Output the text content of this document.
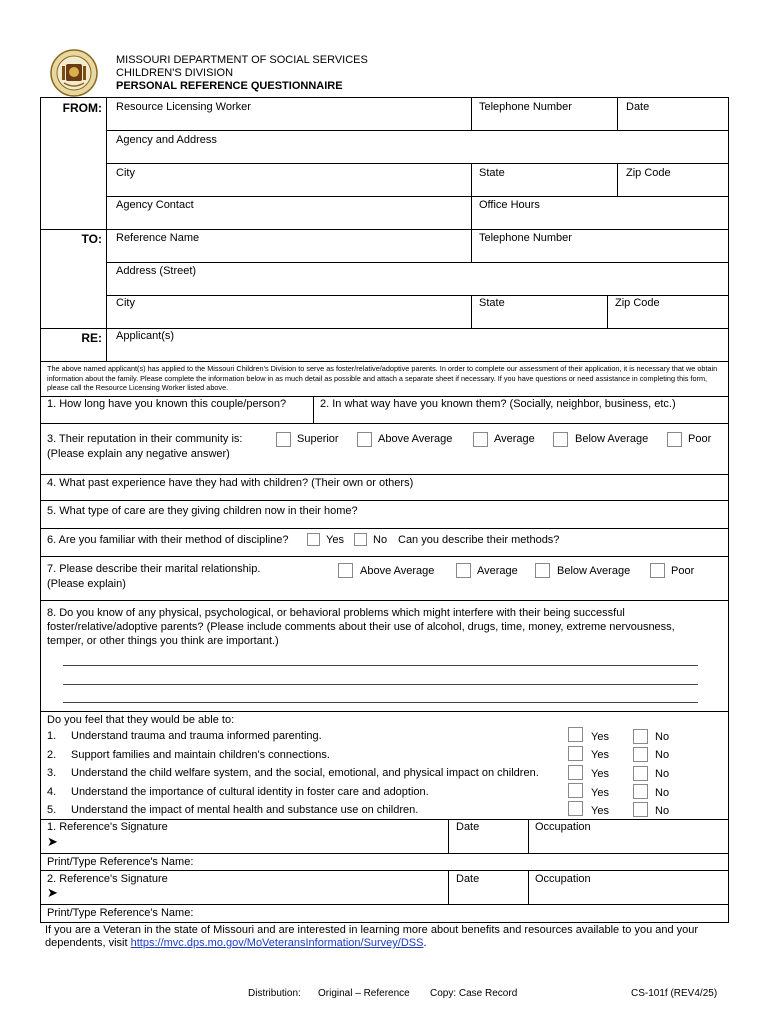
MISSOURI DEPARTMENT OF SOCIAL SERVICES
CHILDREN'S DIVISION
PERSONAL REFERENCE QUESTIONNAIRE
FROM: Resource Licensing Worker	Telephone Number	Date
Agency and Address
City	State	Zip Code
Agency Contact	Office Hours
TO: Reference Name	Telephone Number
Address (Street)
City	State	Zip Code
RE: Applicant(s)
The above named applicant(s) has applied to the Missouri Children's Division to serve as foster/relative/adoptive parents. In order to complete our assessment of their application, it is necessary that we obtain information about the family. Please complete the information below in as much detail as possible and attach a separate sheet if necessary. If you have questions or need assistance in completing this form, please call the Resource Licensing Worker listed above.
1. How long have you known this couple/person?	2. In what way have you known them? (Socially, neighbor, business, etc.)
3. Their reputation in their community is:
(Please explain any negative answer)
Superior	Above Average	Average	Below Average	Poor
4. What past experience have they had with children? (Their own or others)
5. What type of care are they giving children now in their home?
6. Are you familiar with their method of discipline?	Yes	No Can you describe their methods?
7. Please describe their marital relationship.
(Please explain)
Above Average	Average	Below Average	Poor
8. Do you know of any physical, psychological, or behavioral problems which might interfere with their being successful
foster/relative/adoptive parents? (Please include comments about their use of alcohol, drugs, time, money, extreme nervousness,
temper, or other things you think are important.)
Do you feel that they would be able to:
1. Understand trauma and trauma informed parenting.	Yes	No
2. Support families and maintain children's connections.	Yes	No
3. Understand the child welfare system, and the social, emotional, and physical impact on children.	Yes	No
4. Understand the importance of cultural identity in foster care and adoption.	Yes	No
5. Understand the impact of mental health and substance use on children.	Yes	No
1. Reference's Signature
➤
Date	Occupation
Print/Type Reference's Name:
2. Reference's Signature
➤
Date	Occupation
Print/Type Reference's Name:
If you are a Veteran in the state of Missouri and are interested in learning more about benefits and resources available to you and your
dependents, visit https://mvc.dps.mo.gov/MoVeteransInformation/Survey/DSS.
Distribution: Original – Reference Copy: Case Record	CS-101f (REV4/25)
